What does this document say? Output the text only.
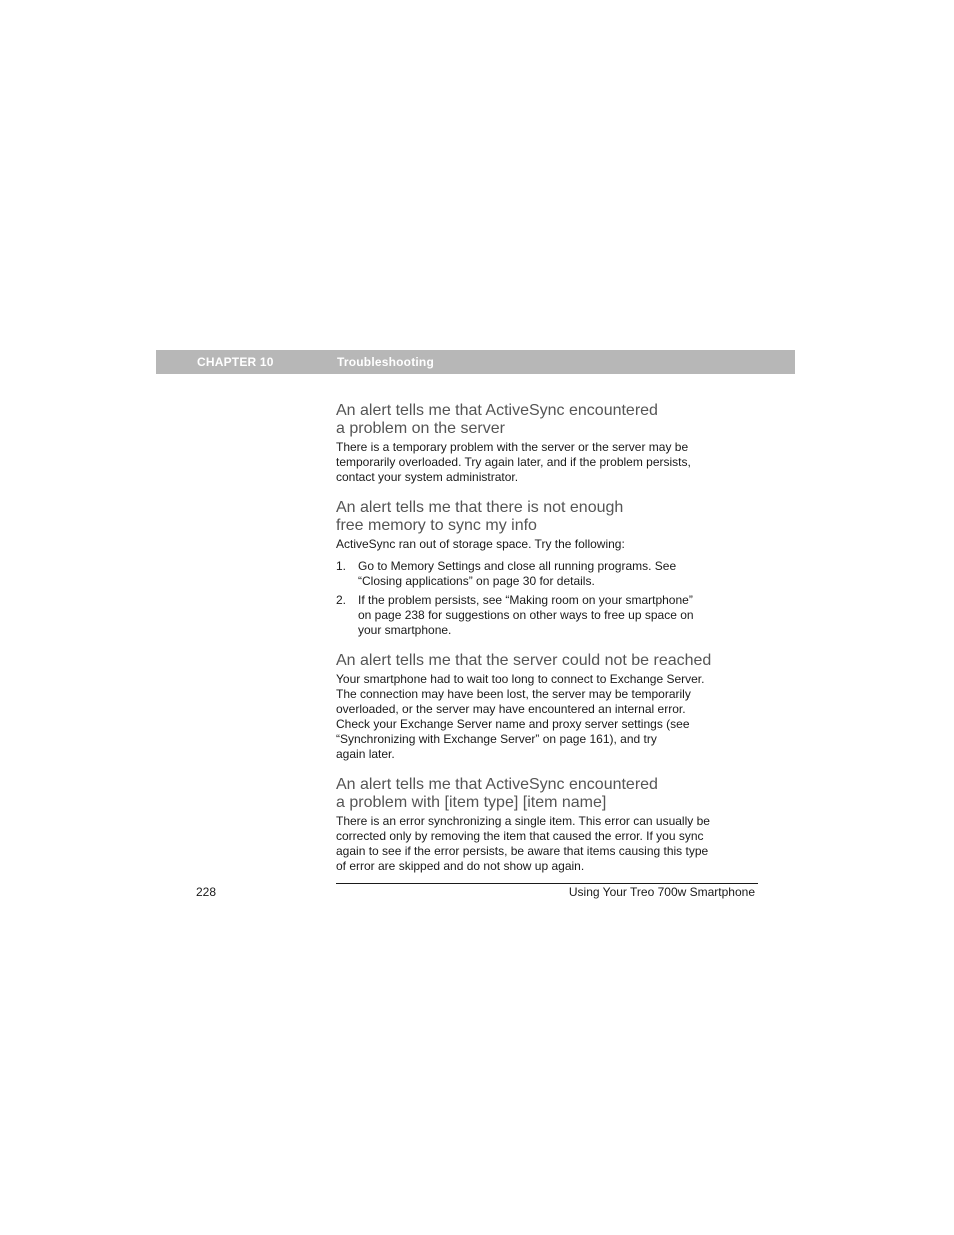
CHAPTER 10	Troubleshooting
An alert tells me that ActiveSync encountered
a problem on the server

There is a temporary problem with the server or the server may be
temporarily overloaded. Try again later, and if the problem persists,
contact your system administrator.

An alert tells me that there is not enough
free memory to sync my info

ActiveSync ran out of storage space. Try the following:

1. Go to Memory Settings and close all running programs. See
“Closing applications” on page 30 for details.
2. If the problem persists, see “Making room on your smartphone”
on page 238 for suggestions on other ways to free up space on
your smartphone.
An alert tells me that the server could not be reached

Your smartphone had to wait too long to connect to Exchange Server.
The connection may have been lost, the server may be temporarily
overloaded, or the server may have encountered an internal error.
Check your Exchange Server name and proxy server settings (see
“Synchronizing with Exchange Server” on page 161), and try
again later.

An alert tells me that ActiveSync encountered
a problem with [item type] [item name]

There is an error synchronizing a single item. This error can usually be
corrected only by removing the item that caused the error. If you sync
again to see if the error persists, be aware that items causing this type
of error are skipped and do not show up again.

228	Using Your Treo 700w Smartphone
